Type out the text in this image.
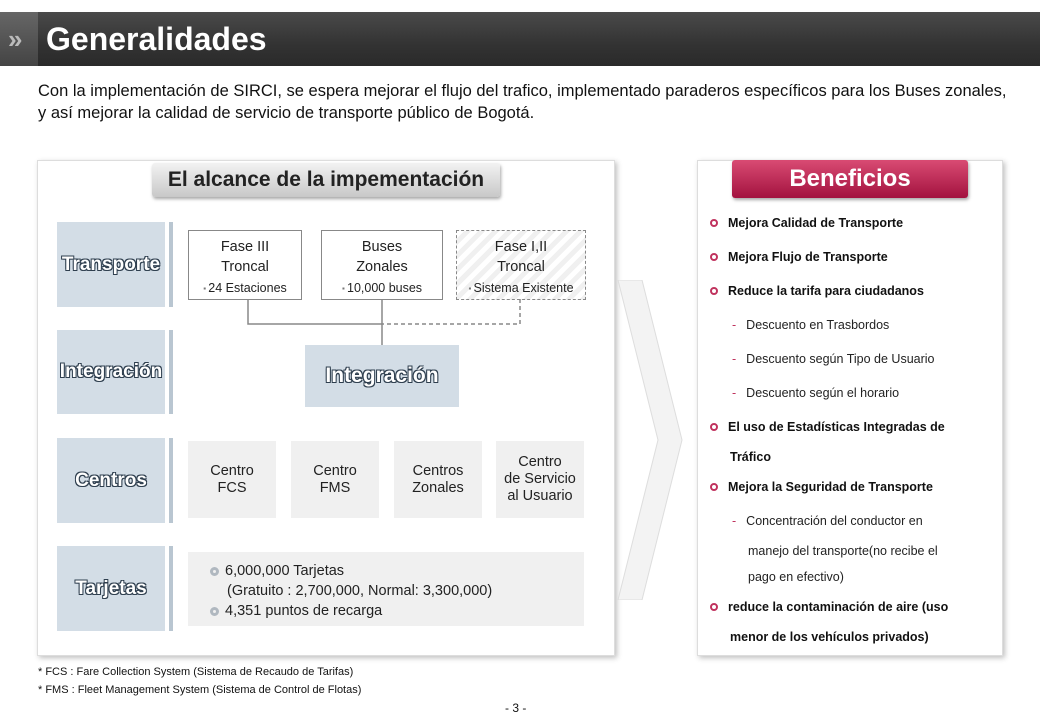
» Generalidades
Con la implementación de SIRCI, se espera mejorar el flujo del trafico, implementado paraderos específicos para los Buses zonales, y así mejorar la calidad de servicio de transporte público de Bogotá.
El alcance de la impementación
Transporte
Integración
Centros
Tarjetas
Fase III
Troncal
▪ 24 Estaciones
Buses
Zonales
▪ 10,000 buses
Fase I,II
Troncal
▪ Sistema Existente
Integración
Centro
FCS
Centro
FMS
Centros
Zonales
Centro
de Servicio
al Usuario
6,000,000 Tarjetas
(Gratuito : 2,700,000, Normal: 3,300,000)
4,351 puntos de recarga
Beneficios
Mejora Calidad de Transporte
Mejora Flujo de Transporte
Reduce la tarifa para ciudadanos
- Descuento en Trasbordos
- Descuento según Tipo de Usuario
- Descuento según el horario
El uso de Estadísticas Integradas de
Tráfico
Mejora la Seguridad de Transporte
- Concentración del conductor en
manejo del transporte(no recibe el
pago en efectivo)
reduce la contaminación de aire (uso
menor de los vehículos privados)
* FCS : Fare Collection System (Sistema de Recaudo de Tarifas)
* FMS : Fleet Management System (Sistema de Control de Flotas)
- 3 -
